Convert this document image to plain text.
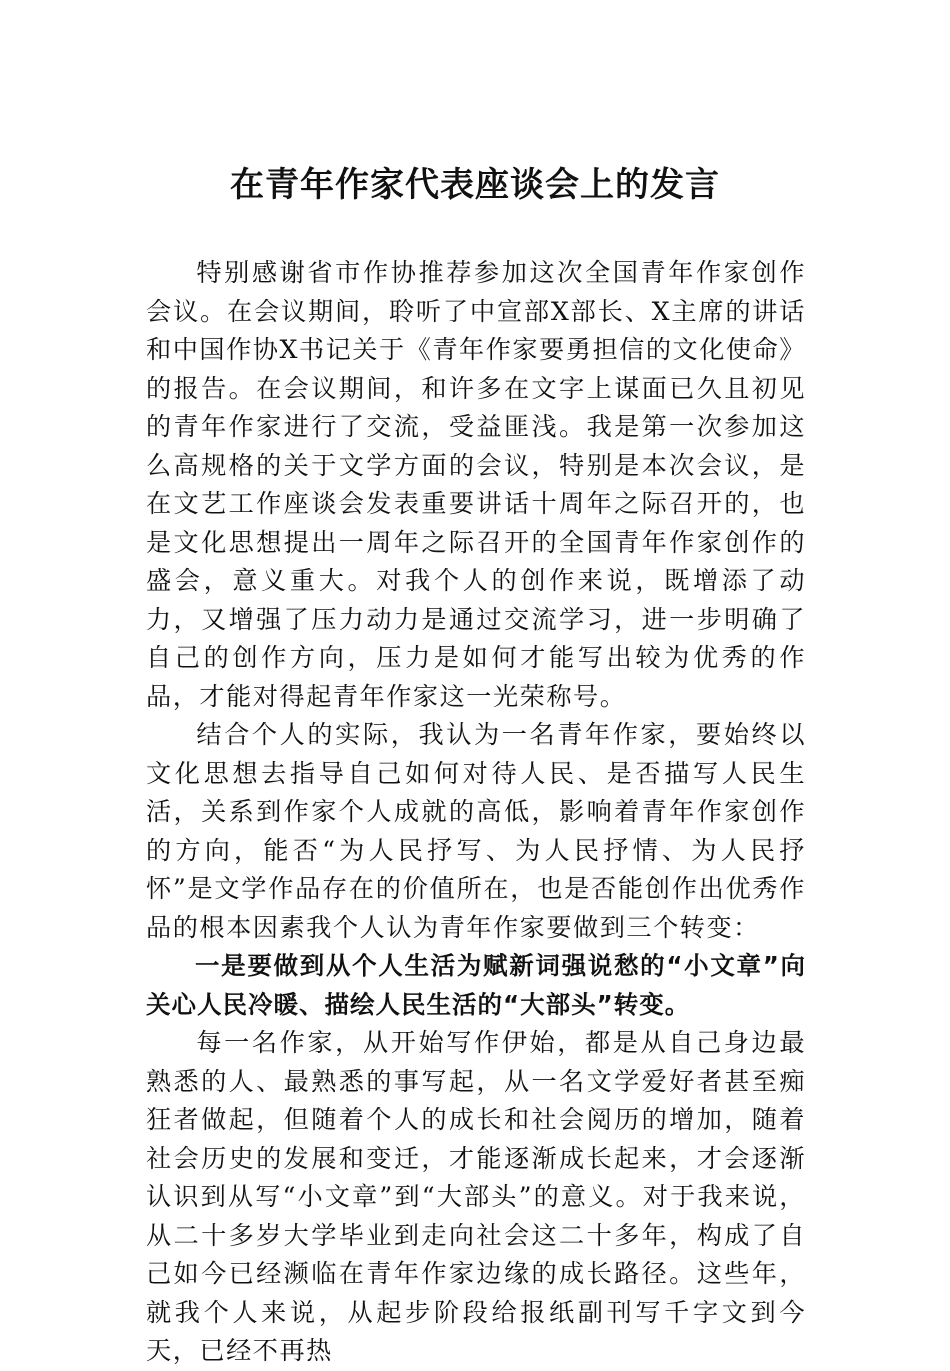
在青年作家代表座谈会上的发言

特别感谢省市作协推荐参加这次全国青年作家创作会议。在会议期间，聆听了中宣部X部长、X主席的讲话和中国作协X书记关于《青年作家要勇担信的文化使命》的报告。在会议期间，和许多在文字上谋面已久且初见的青年作家进行了交流，受益匪浅。我是第一次参加这么高规格的关于文学方面的会议，特别是本次会议，是在文艺工作座谈会发表重要讲话十周年之际召开的，也是文化思想提出一周年之际召开的全国青年作家创作的盛会，意义重大。对我个人的创作来说，既增添了动力，又增强了压力动力是通过交流学习，进一步明确了自己的创作方向，压力是如何才能写出较为优秀的作品，才能对得起青年作家这一光荣称号。

结合个人的实际，我认为一名青年作家，要始终以文化思想去指导自己如何对待人民、是否描写人民生活，关系到作家个人成就的高低，影响着青年作家创作的方向，能否“为人民抒写、为人民抒情、为人民抒怀”是文学作品存在的价值所在，也是否能创作出优秀作品的根本因素我个人认为青年作家要做到三个转变：

一是要做到从个人生活为赋新词强说愁的“小文章”向关心人民冷暖、描绘人民生活的“大部头”转变。

每一名作家，从开始写作伊始，都是从自己身边最熟悉的人、最熟悉的事写起，从一名文学爱好者甚至痴狂者做起，但随着个人的成长和社会阅历的增加，随着社会历史的发展和变迁，才能逐渐成长起来，才会逐渐认识到从写“小文章”到“大部头”的意义。对于我来说，从二十多岁大学毕业到走向社会这二十多年，构成了自己如今已经濒临在青年作家边缘的成长路径。这些年，就我个人来说，从起步阶段给报纸副刊写千字文到今天，已经不再热
